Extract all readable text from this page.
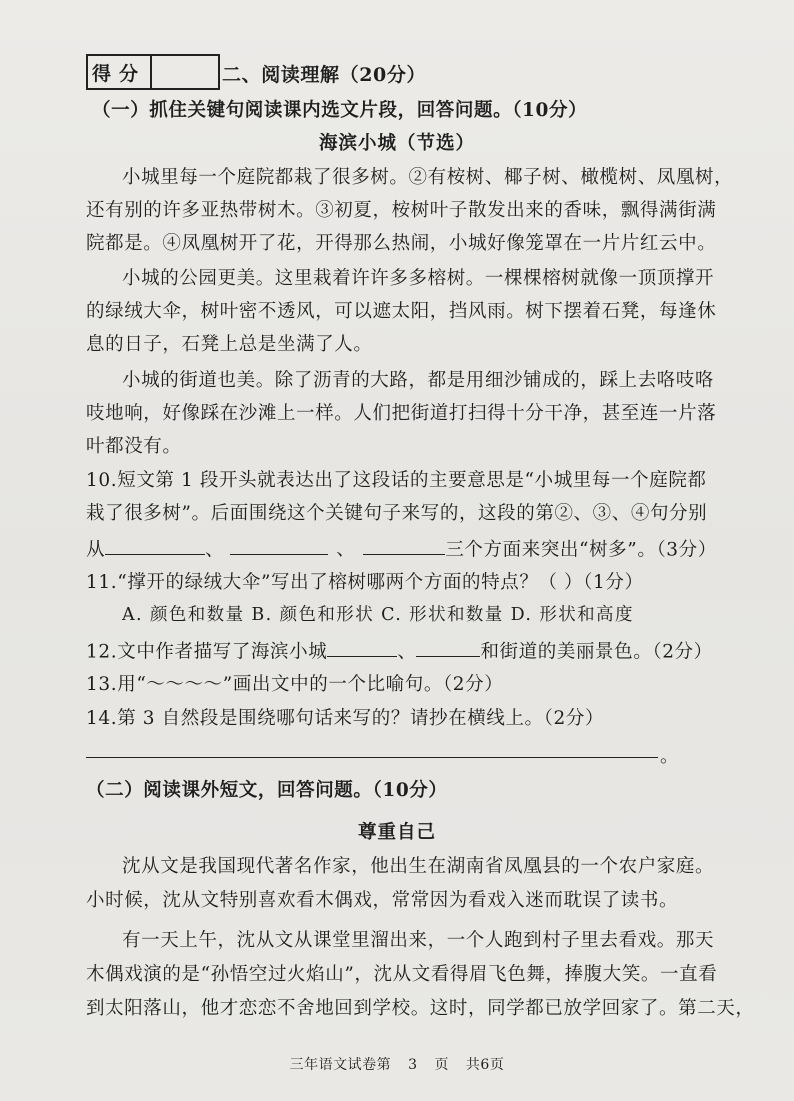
得分	二、阅读理解（20分）
（一）抓住关键句阅读课内选文片段，回答问题。（10分）
海滨小城（节选）
小城里每一个庭院都栽了很多树。②有桉树、椰子树、橄榄树、凤凰树，
还有别的许多亚热带树木。③初夏，桉树叶子散发出来的香味，飘得满街满
院都是。④凤凰树开了花，开得那么热闹，小城好像笼罩在一片片红云中。
小城的公园更美。这里栽着许许多多榕树。一棵棵榕树就像一顶顶撑开
的绿绒大伞，树叶密不透风，可以遮太阳，挡风雨。树下摆着石凳，每逢休
息的日子，石凳上总是坐满了人。
小城的街道也美。除了沥青的大路，都是用细沙铺成的，踩上去咯吱咯
吱地响，好像踩在沙滩上一样。人们把街道打扫得十分干净，甚至连一片落
叶都没有。
10.短文第 1 段开头就表达出了这段话的主要意思是“小城里每一个庭院都
栽了很多树”。后面围绕这个关键句子来写的，这段的第②、③、④句分别
从	、	、	三个方面来突出“树多”。（3分）
11.“撑开的绿绒大伞”写出了榕树哪两个方面的特点？（ ）（1分）
A. 颜色和数量 B. 颜色和形状 C. 形状和数量 D. 形状和高度
12.文中作者描写了海滨小城	、	和街道的美丽景色。（2分）
13.用“～～～～”画出文中的一个比喻句。（2分）
14.第 3 自然段是围绕哪句话来写的？请抄在横线上。（2分）
。
（二）阅读课外短文，回答问题。（10分）
尊重自己
沈从文是我国现代著名作家，他出生在湖南省凤凰县的一个农户家庭。
小时候，沈从文特别喜欢看木偶戏，常常因为看戏入迷而耽误了读书。
有一天上午，沈从文从课堂里溜出来，一个人跑到村子里去看戏。那天
木偶戏演的是“孙悟空过火焰山”，沈从文看得眉飞色舞，捧腹大笑。一直看
到太阳落山，他才恋恋不舍地回到学校。这时，同学都已放学回家了。第二天，
三年语文试卷第 3 页 共6页
